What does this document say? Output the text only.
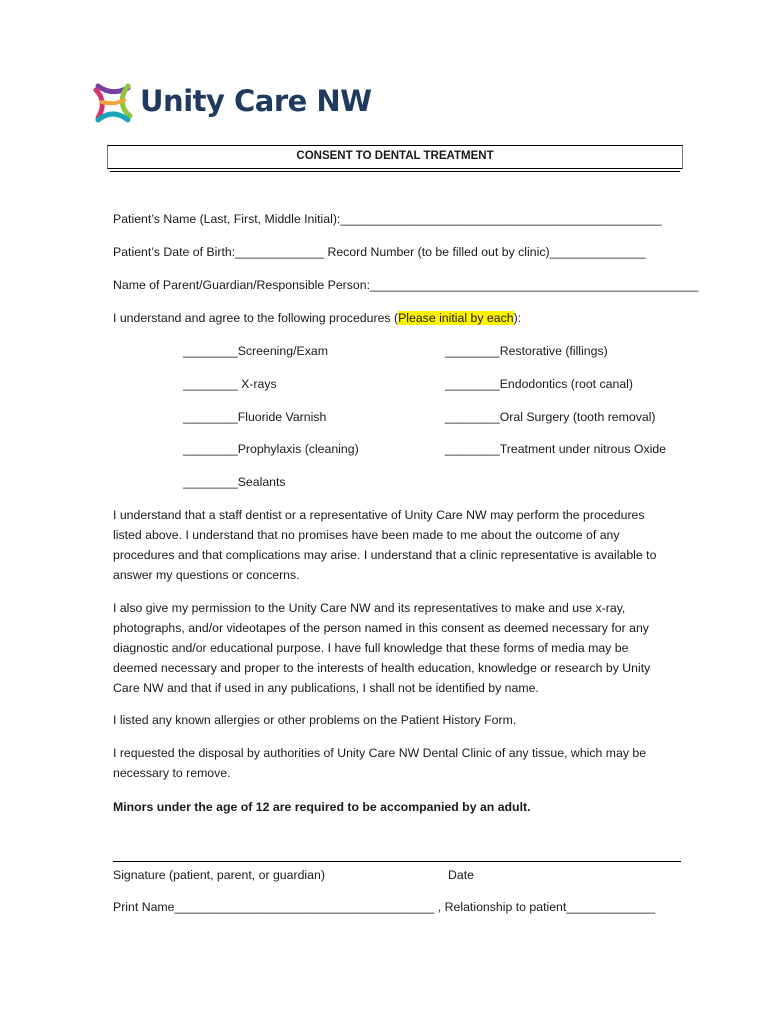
Unity Care NW
CONSENT TO DENTAL TREATMENT
Patient’s Name (Last, First, Middle Initial):_______________________________________________
Patient’s Date of Birth:_____________ Record Number (to be filled out by clinic)______________
Name of Parent/Guardian/Responsible Person:________________________________________________
I understand and agree to the following procedures (Please initial by each):
________Screening/Exam
________ X-rays
________Fluoride Varnish
________Prophylaxis (cleaning)
________Sealants
________Restorative (fillings)
________Endodontics (root canal)
________Oral Surgery (tooth removal)
________Treatment under nitrous Oxide
I understand that a staff dentist or a representative of Unity Care NW may perform the procedures listed above. I understand that no promises have been made to me about the outcome of any procedures and that complications may arise. I understand that a clinic representative is available to answer my questions or concerns.
I also give my permission to the Unity Care NW and its representatives to make and use x-ray, photographs, and/or videotapes of the person named in this consent as deemed necessary for any diagnostic and/or educational purpose. I have full knowledge that these forms of media may be deemed necessary and proper to the interests of health education, knowledge or research by Unity Care NW and that if used in any publications, I shall not be identified by name.
I listed any known allergies or other problems on the Patient History Form.
I requested the disposal by authorities of Unity Care NW Dental Clinic of any tissue, which may be necessary to remove.
Minors under the age of 12 are required to be accompanied by an adult.
Signature (patient, parent, or guardian)	Date
Print Name______________________________________ , Relationship to patient_____________
